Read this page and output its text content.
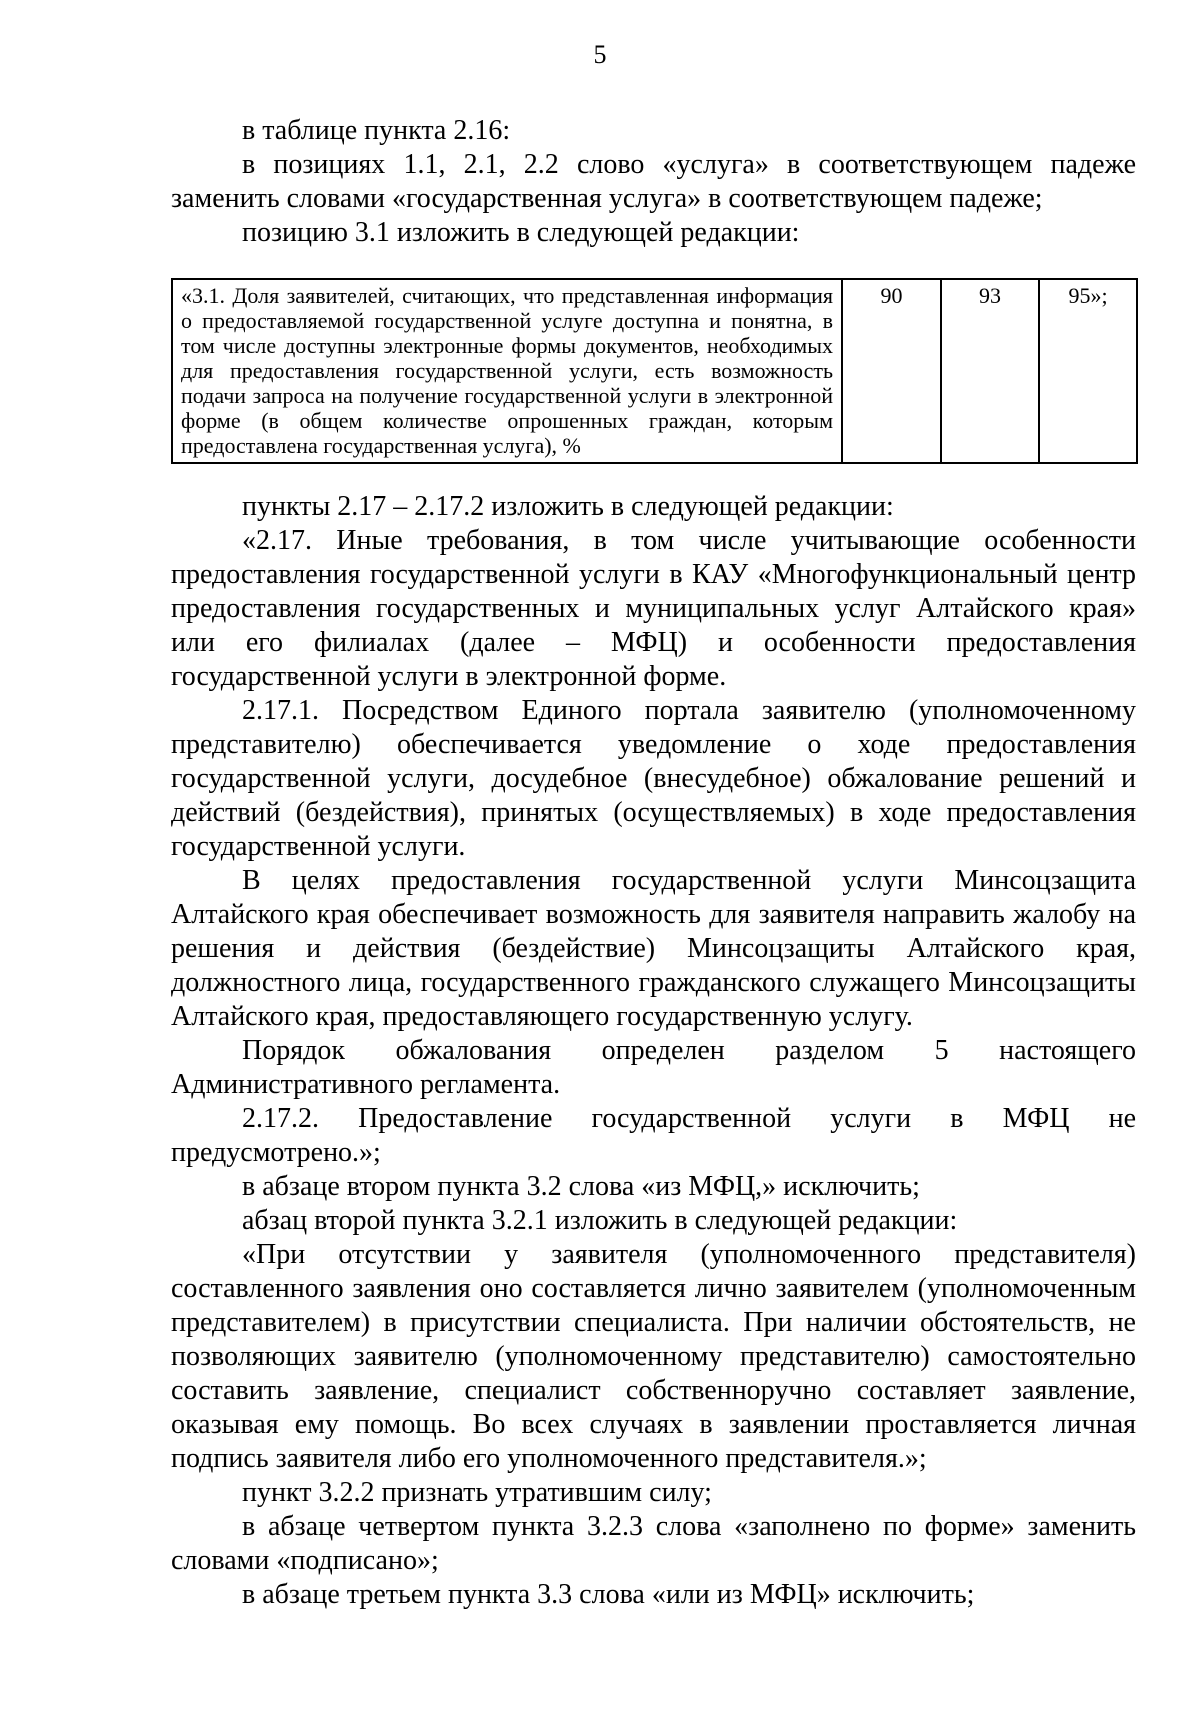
5

в таблице пункта 2.16:

в позициях 1.1, 2.1, 2.2 слово «услуга» в соответствующем падеже заменить словами «государственная услуга» в соответствующем падеже;

позицию 3.1 изложить в следующей редакции:

«3.1. Доля заявителей, считающих, что представленная информация о предоставляемой государственной услуге доступна и понятна, в том числе доступны электронные формы документов, необходимых для предоставления государственной услуги, есть возможность подачи запроса на получение государственной услуги в электронной форме (в общем количестве опрошенных граждан, которым предоставлена государственная услуга), %	90	93	95»;

пункты 2.17 – 2.17.2 изложить в следующей редакции:

«2.17. Иные требования, в том числе учитывающие особенности предоставления государственной услуги в КАУ «Многофункциональный центр предоставления государственных и муниципальных услуг Алтайского края» или его филиалах (далее – МФЦ) и особенности предоставления государственной услуги в электронной форме.

2.17.1. Посредством Единого портала заявителю (уполномоченному представителю) обеспечивается уведомление о ходе предоставления государственной услуги, досудебное (внесудебное) обжалование решений и действий (бездействия), принятых (осуществляемых) в ходе предоставления государственной услуги.

В целях предоставления государственной услуги Минсоцзащита Алтайского края обеспечивает возможность для заявителя направить жалобу на решения и действия (бездействие) Минсоцзащиты Алтайского края, должностного лица, государственного гражданского служащего Минсоцзащиты Алтайского края, предоставляющего государственную услугу.

Порядок обжалования определен разделом 5 настоящего Административного регламента.

2.17.2. Предоставление государственной услуги в МФЦ не предусмотрено.»;

в абзаце втором пункта 3.2 слова «из МФЦ,» исключить;

абзац второй пункта 3.2.1 изложить в следующей редакции:

«При отсутствии у заявителя (уполномоченного представителя) составленного заявления оно составляется лично заявителем (уполномоченным представителем) в присутствии специалиста. При наличии обстоятельств, не позволяющих заявителю (уполномоченному представителю) самостоятельно составить заявление, специалист собственноручно составляет заявление, оказывая ему помощь. Во всех случаях в заявлении проставляется личная подпись заявителя либо его уполномоченного представителя.»;

пункт 3.2.2 признать утратившим силу;

в абзаце четвертом пункта 3.2.3 слова «заполнено по форме» заменить словами «подписано»;

в абзаце третьем пункта 3.3 слова «или из МФЦ» исключить;
